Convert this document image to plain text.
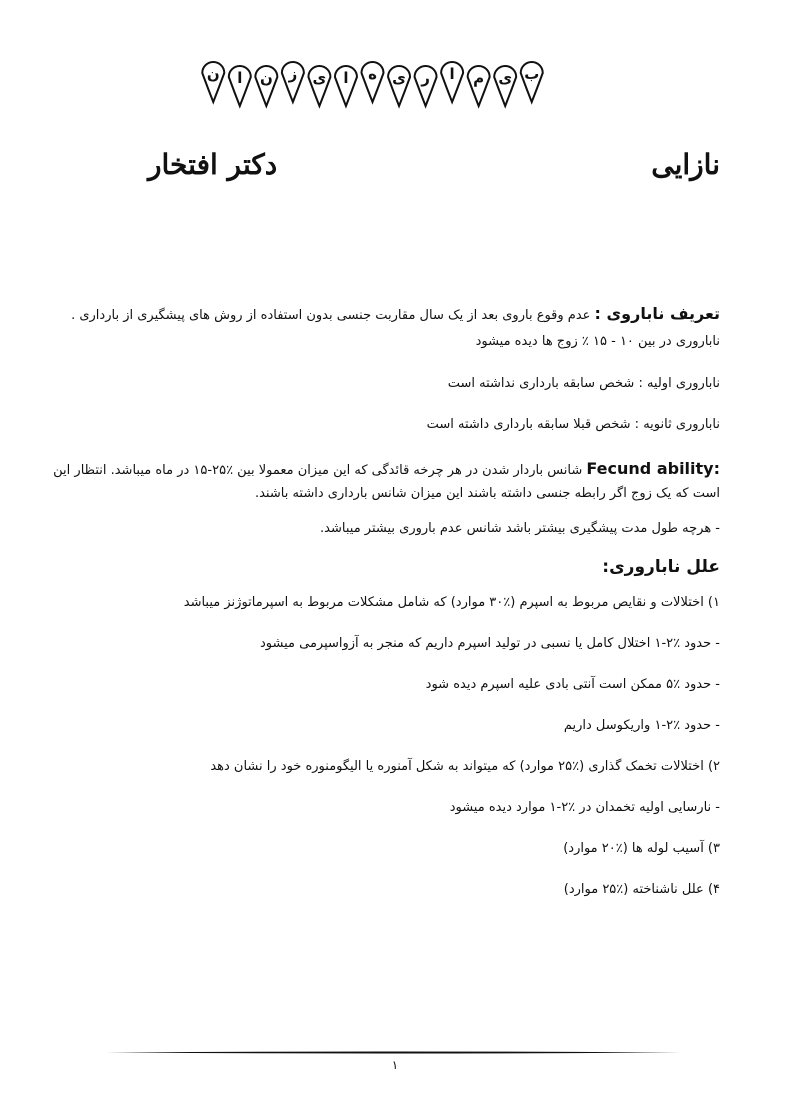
ب
ی
م
ا
ر
ی
ه
ا
ی
ز
ن
ا
ن
نازایی
دکتر افتخار

تعریف ناباروی : عدم وقوع باروی بعد از یک سال مقاربت جنسی بدون استفاده از روش های پیشگیری از بارداری .

ناباروری در بین ۱۰ - ۱۵ ٪ زوج ها دیده میشود

ناباروری اولیه : شخص سابقه بارداری نداشته است

ناباروری ثانویه : شخص قبلا سابقه بارداری داشته است

Fecund ability: شانس باردار شدن در هر چرخه قائدگی که این میزان معمولا بین ٪۲۵-۱۵ در ماه میباشد. انتظار این است که یک زوج اگر رابطه جنسی داشته باشند این میزان شانس بارداری داشته باشند.

- هرچه طول مدت پیشگیری بیشتر باشد شانس عدم باروری بیشتر میباشد.

علل ناباروری:

۱) اختلالات و نقایص مربوط به اسپرم (٪۳۰ موارد) که شامل مشکلات مربوط به اسپرماتوژنز میباشد

- حدود ٪۲-۱ اختلال کامل یا نسبی در تولید اسپرم داریم که منجر به آزواسپرمی میشود

- حدود ٪۵ ممکن است آنتی بادی علیه اسپرم دیده شود

- حدود ٪۲-۱ واریکوسل داریم

۲) اختلالات تخمک گذاری (٪۲۵ موارد) که میتواند به شکل آمنوره یا الیگومنوره خود را نشان دهد

- نارسایی اولیه تخمدان در ٪۲-۱ موارد دیده میشود

۳) آسیب لوله ها (٪۲۰ موارد)

۴) علل ناشناخته (٪۲۵ موارد)

۱
